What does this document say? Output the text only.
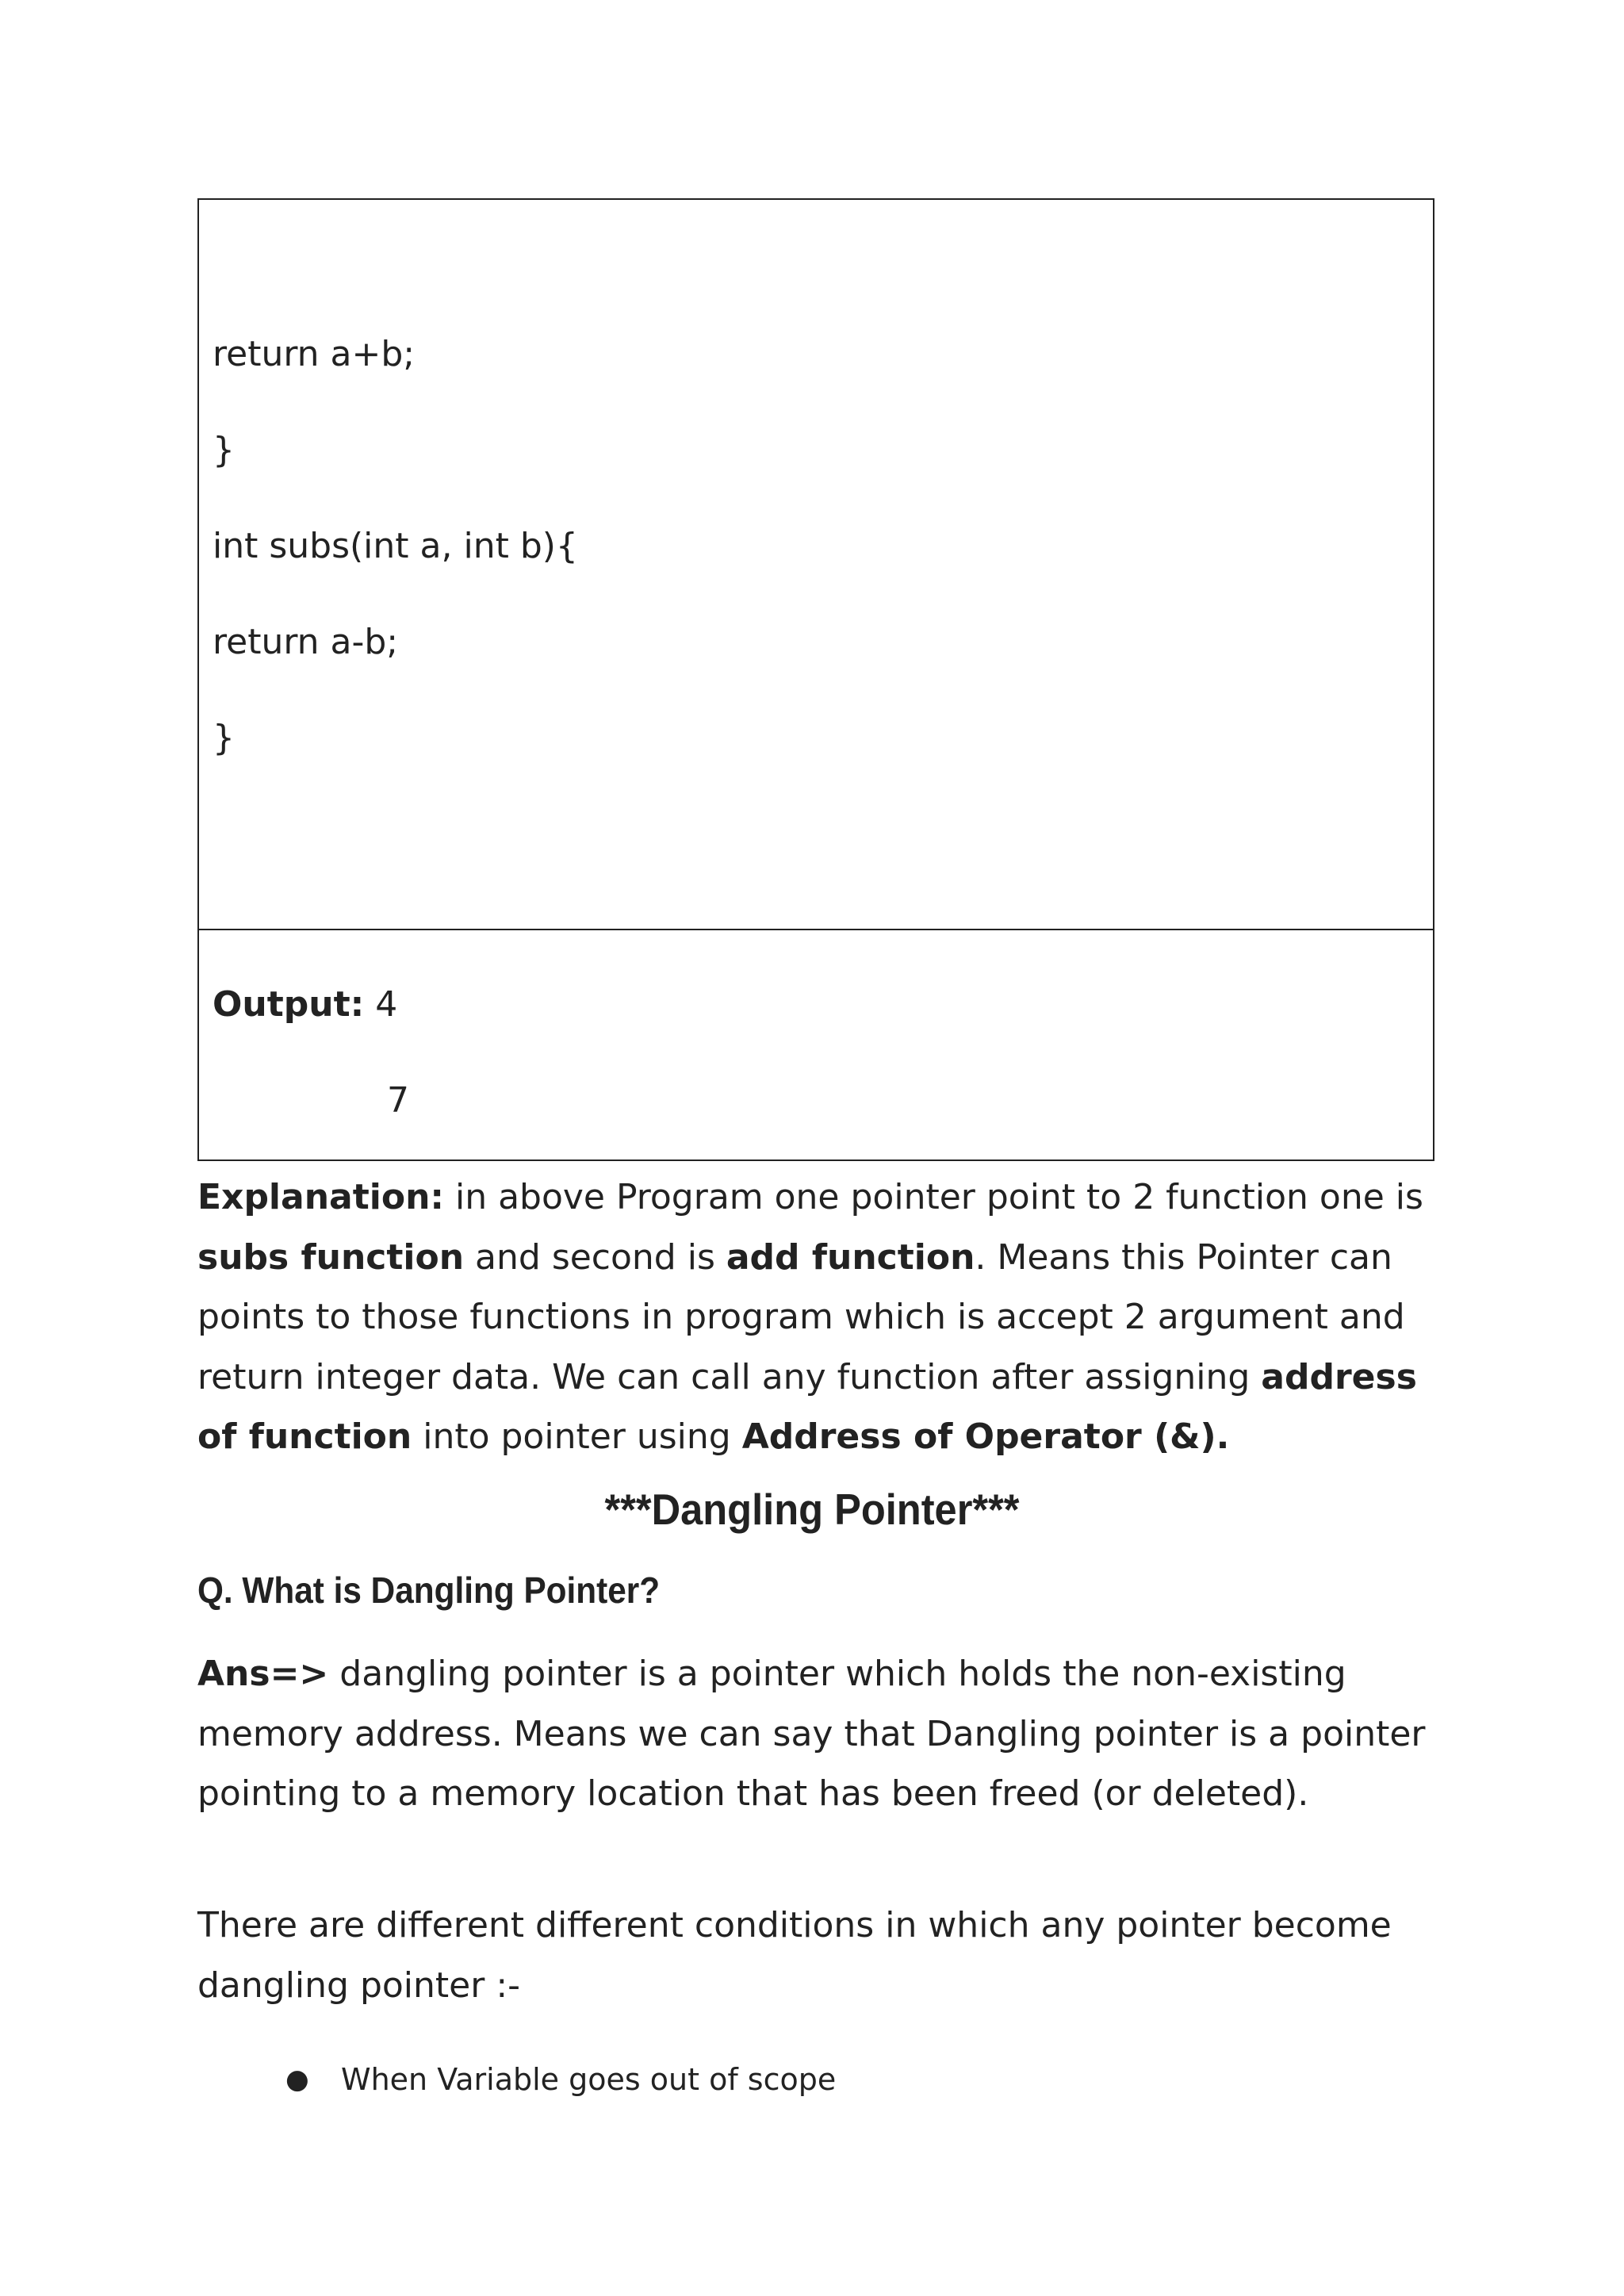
return a+b;

}

int subs(int a, int b){

return a-b;

}

Output: 4

7

Explanation: in above Program one pointer point to 2 function one is subs function and second is add function. Means this Pointer can points to those functions in program which is accept 2 argument and return integer data. We can call any function after assigning address of function into pointer using Address of Operator (&).

***Dangling Pointer***
Q. What is Dangling Pointer?

Ans=> dangling pointer is a pointer which holds the non-existing memory address. Means we can say that Dangling pointer is a pointer pointing to a memory location that has been freed (or deleted).

There are different different conditions in which any pointer become dangling pointer :-

● When Variable goes out of scope
